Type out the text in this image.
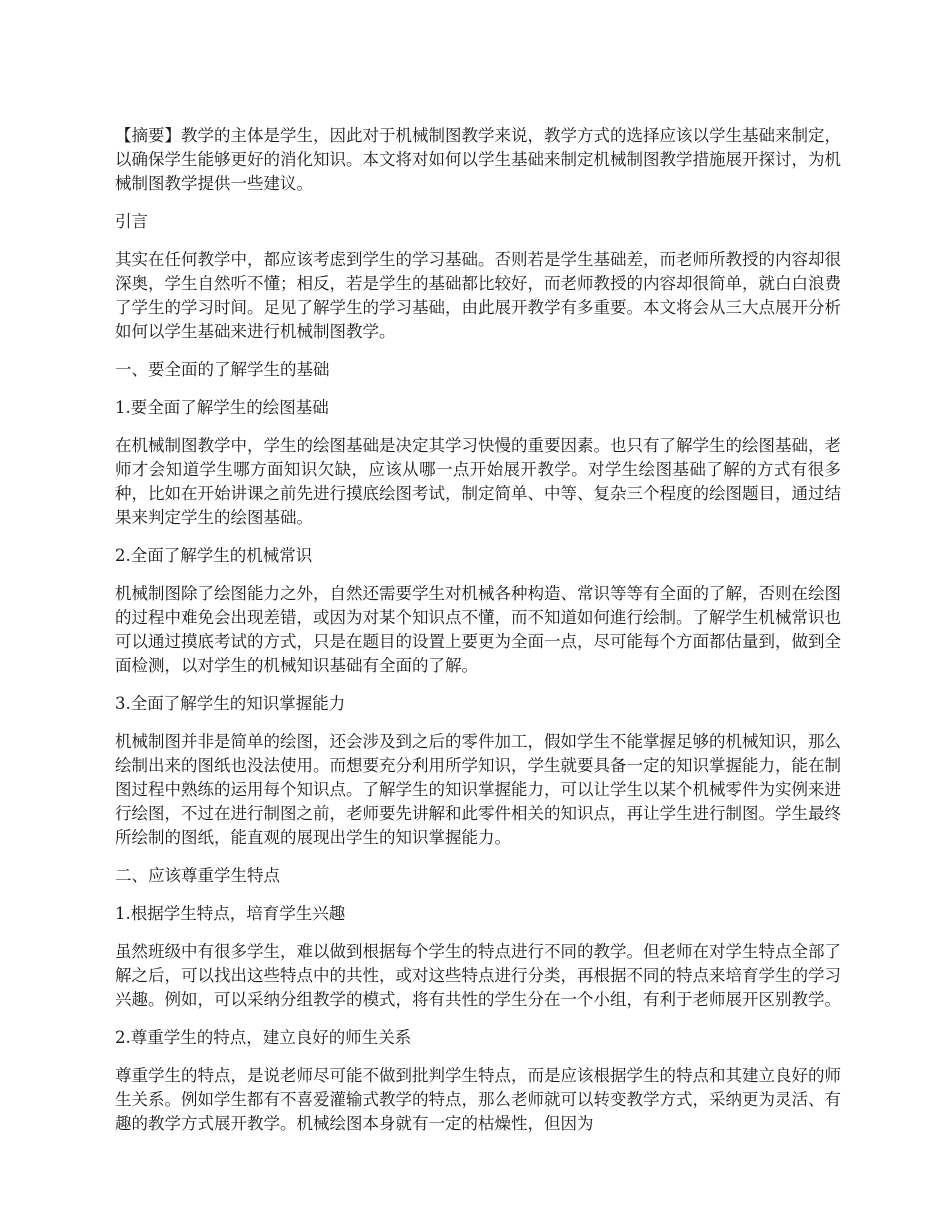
【摘要】教学的主体是学生，因此对于机械制图教学来说，教学方式的选择应该以学生基础来制定，以确保学生能够更好的消化知识。本文将对如何以学生基础来制定机械制图教学措施展开探讨，为机械制图教学提供一些建议。

引言

其实在任何教学中，都应该考虑到学生的学习基础。否则若是学生基础差，而老师所教授的内容却很深奥，学生自然听不懂；相反，若是学生的基础都比较好，而老师教授的内容却很简单，就白白浪费了学生的学习时间。足见了解学生的学习基础，由此展开教学有多重要。本文将会从三大点展开分析如何以学生基础来进行机械制图教学。

一、要全面的了解学生的基础

1.要全面了解学生的绘图基础

在机械制图教学中，学生的绘图基础是决定其学习快慢的重要因素。也只有了解学生的绘图基础，老师才会知道学生哪方面知识欠缺，应该从哪一点开始展开教学。对学生绘图基础了解的方式有很多种，比如在开始讲课之前先进行摸底绘图考试，制定简单、中等、复杂三个程度的绘图题目，通过结果来判定学生的绘图基础。

2.全面了解学生的机械常识

机械制图除了绘图能力之外，自然还需要学生对机械各种构造、常识等等有全面的了解，否则在绘图的过程中难免会出现差错，或因为对某个知识点不懂，而不知道如何進行绘制。了解学生机械常识也可以通过摸底考试的方式，只是在题目的设置上要更为全面一点，尽可能每个方面都估量到，做到全面检测，以对学生的机械知识基础有全面的了解。

3.全面了解学生的知识掌握能力

机械制图并非是简单的绘图，还会涉及到之后的零件加工，假如学生不能掌握足够的机械知识，那么绘制出来的图纸也没法使用。而想要充分利用所学知识，学生就要具备一定的知识掌握能力，能在制图过程中熟练的运用每个知识点。了解学生的知识掌握能力，可以让学生以某个机械零件为实例来进行绘图，不过在进行制图之前，老师要先讲解和此零件相关的知识点，再让学生进行制图。学生最终所绘制的图纸，能直观的展现出学生的知识掌握能力。

二、应该尊重学生特点

1.根据学生特点，培育学生兴趣

虽然班级中有很多学生，难以做到根据每个学生的特点进行不同的教学。但老师在对学生特点全部了解之后，可以找出这些特点中的共性，或对这些特点进行分类，再根据不同的特点来培育学生的学习兴趣。例如，可以采纳分组教学的模式，将有共性的学生分在一个小组，有利于老师展开区别教学。

2.尊重学生的特点，建立良好的师生关系

尊重学生的特点，是说老师尽可能不做到批判学生特点，而是应该根据学生的特点和其建立良好的师生关系。例如学生都有不喜爱灌输式教学的特点，那么老师就可以转变教学方式，采纳更为灵活、有趣的教学方式展开教学。机械绘图本身就有一定的枯燥性，但因为
